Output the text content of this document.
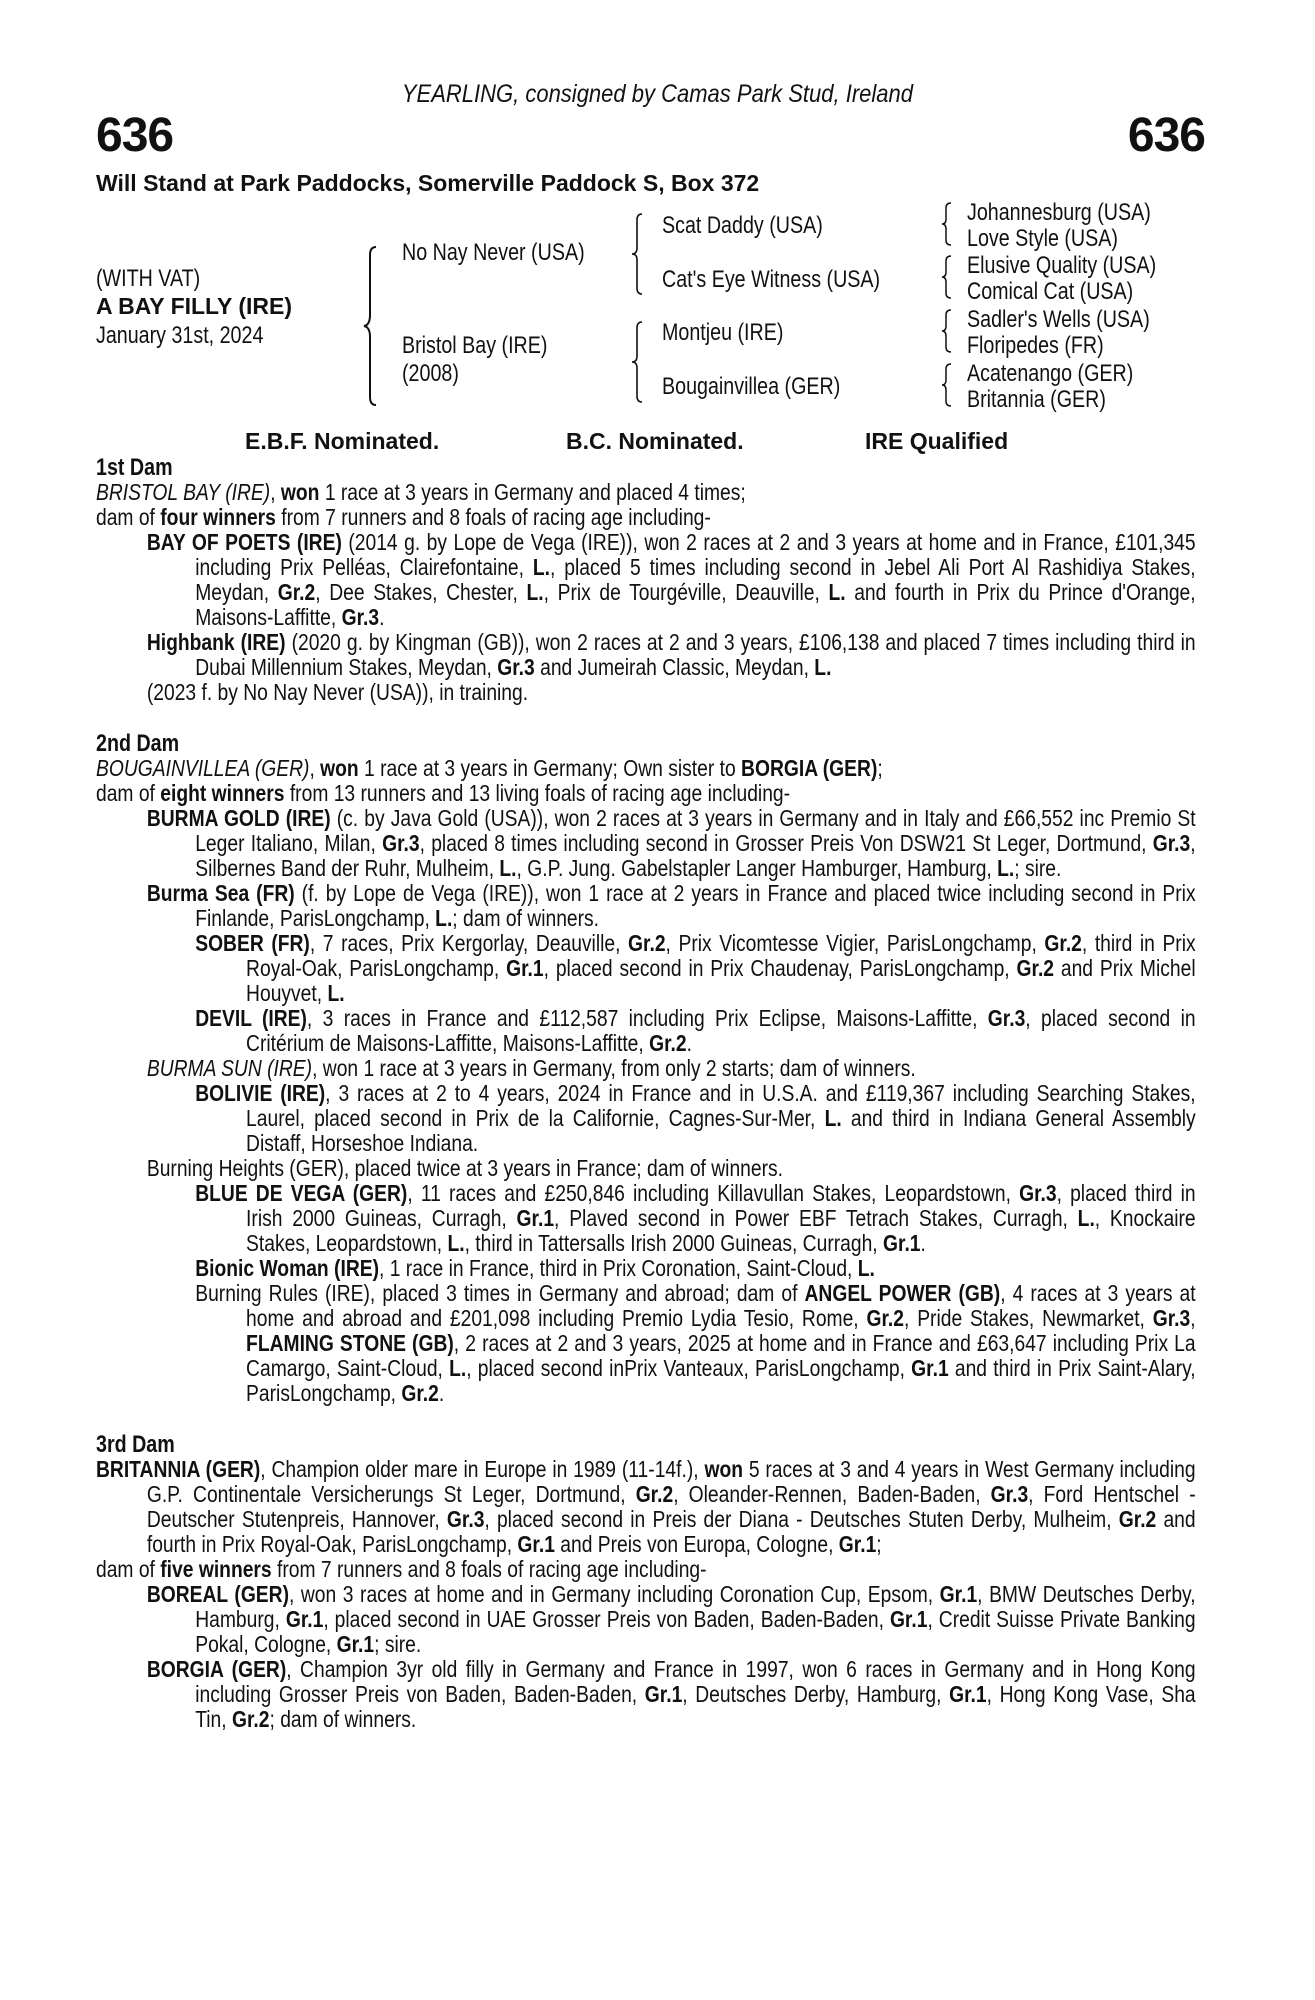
YEARLING, consigned by Camas Park Stud, Ireland
636	636
Will Stand at Park Paddocks, Somerville Paddock S, Box 372
(WITH VAT)
A BAY FILLY (IRE)
January 31st, 2024
No Nay Never (USA)
Bristol Bay (IRE)
(2008)
Scat Daddy (USA)
Cat's Eye Witness (USA)
Montjeu (IRE)
Bougainvillea (GER)
Johannesburg (USA)
Love Style (USA)
Elusive Quality (USA)
Comical Cat (USA)
Sadler's Wells (USA)
Floripedes (FR)
Acatenango (GER)
Britannia (GER)
E.B.F. Nominated.	B.C. Nominated.	IRE Qualified
1st Dam
BRISTOL BAY (IRE), won 1 race at 3 years in Germany and placed 4 times;
dam of four winners from 7 runners and 8 foals of racing age including-
BAY OF POETS (IRE) (2014 g. by Lope de Vega (IRE)), won 2 races at 2 and 3 years at home and in France, £101,345 including Prix Pelléas, Clairefontaine, L., placed 5 times including second in Jebel Ali Port Al Rashidiya Stakes, Meydan, Gr.2, Dee Stakes, Chester, L., Prix de Tourgéville, Deauville, L. and fourth in Prix du Prince d'Orange, Maisons-Laffitte, Gr.3.
Highbank (IRE) (2020 g. by Kingman (GB)), won 2 races at 2 and 3 years, £106,138 and placed 7 times including third in Dubai Millennium Stakes, Meydan, Gr.3 and Jumeirah Classic, Meydan, L.
(2023 f. by No Nay Never (USA)), in training.
2nd Dam
BOUGAINVILLEA (GER), won 1 race at 3 years in Germany; Own sister to BORGIA (GER);
dam of eight winners from 13 runners and 13 living foals of racing age including-
BURMA GOLD (IRE) (c. by Java Gold (USA)), won 2 races at 3 years in Germany and in Italy and £66,552 inc Premio St Leger Italiano, Milan, Gr.3, placed 8 times including second in Grosser Preis Von DSW21 St Leger, Dortmund, Gr.3, Silbernes Band der Ruhr, Mulheim, L., G.P. Jung. Gabelstapler Langer Hamburger, Hamburg, L.; sire.
Burma Sea (FR) (f. by Lope de Vega (IRE)), won 1 race at 2 years in France and placed twice including second in Prix Finlande, ParisLongchamp, L.; dam of winners.
SOBER (FR), 7 races, Prix Kergorlay, Deauville, Gr.2, Prix Vicomtesse Vigier, ParisLongchamp, Gr.2, third in Prix Royal-Oak, ParisLongchamp, Gr.1, placed second in Prix Chaudenay, ParisLongchamp, Gr.2 and Prix Michel Houyvet, L.
DEVIL (IRE), 3 races in France and £112,587 including Prix Eclipse, Maisons-Laffitte, Gr.3, placed second in Critérium de Maisons-Laffitte, Maisons-Laffitte, Gr.2.
BURMA SUN (IRE), won 1 race at 3 years in Germany, from only 2 starts; dam of winners.
BOLIVIE (IRE), 3 races at 2 to 4 years, 2024 in France and in U.S.A. and £119,367 including Searching Stakes, Laurel, placed second in Prix de la Californie, Cagnes-Sur-Mer, L. and third in Indiana General Assembly Distaff, Horseshoe Indiana.
Burning Heights (GER), placed twice at 3 years in France; dam of winners.
BLUE DE VEGA (GER), 11 races and £250,846 including Killavullan Stakes, Leopardstown, Gr.3, placed third in Irish 2000 Guineas, Curragh, Gr.1, Plaved second in Power EBF Tetrach Stakes, Curragh, L., Knockaire Stakes, Leopardstown, L., third in Tattersalls Irish 2000 Guineas, Curragh, Gr.1.
Bionic Woman (IRE), 1 race in France, third in Prix Coronation, Saint-Cloud, L.
Burning Rules (IRE), placed 3 times in Germany and abroad; dam of ANGEL POWER (GB), 4 races at 3 years at home and abroad and £201,098 including Premio Lydia Tesio, Rome, Gr.2, Pride Stakes, Newmarket, Gr.3, FLAMING STONE (GB), 2 races at 2 and 3 years, 2025 at home and in France and £63,647 including Prix La Camargo, Saint-Cloud, L., placed second inPrix Vanteaux, ParisLongchamp, Gr.1 and third in Prix Saint-Alary, ParisLongchamp, Gr.2.
3rd Dam
BRITANNIA (GER), Champion older mare in Europe in 1989 (11-14f.), won 5 races at 3 and 4 years in West Germany including G.P. Continentale Versicherungs St Leger, Dortmund, Gr.2, Oleander-Rennen, Baden-Baden, Gr.3, Ford Hentschel - Deutscher Stutenpreis, Hannover, Gr.3, placed second in Preis der Diana - Deutsches Stuten Derby, Mulheim, Gr.2 and fourth in Prix Royal-Oak, ParisLongchamp, Gr.1 and Preis von Europa, Cologne, Gr.1;
dam of five winners from 7 runners and 8 foals of racing age including-
BOREAL (GER), won 3 races at home and in Germany including Coronation Cup, Epsom, Gr.1, BMW Deutsches Derby, Hamburg, Gr.1, placed second in UAE Grosser Preis von Baden, Baden-Baden, Gr.1, Credit Suisse Private Banking Pokal, Cologne, Gr.1; sire.
BORGIA (GER), Champion 3yr old filly in Germany and France in 1997, won 6 races in Germany and in Hong Kong including Grosser Preis von Baden, Baden-Baden, Gr.1, Deutsches Derby, Hamburg, Gr.1, Hong Kong Vase, Sha Tin, Gr.2; dam of winners.
